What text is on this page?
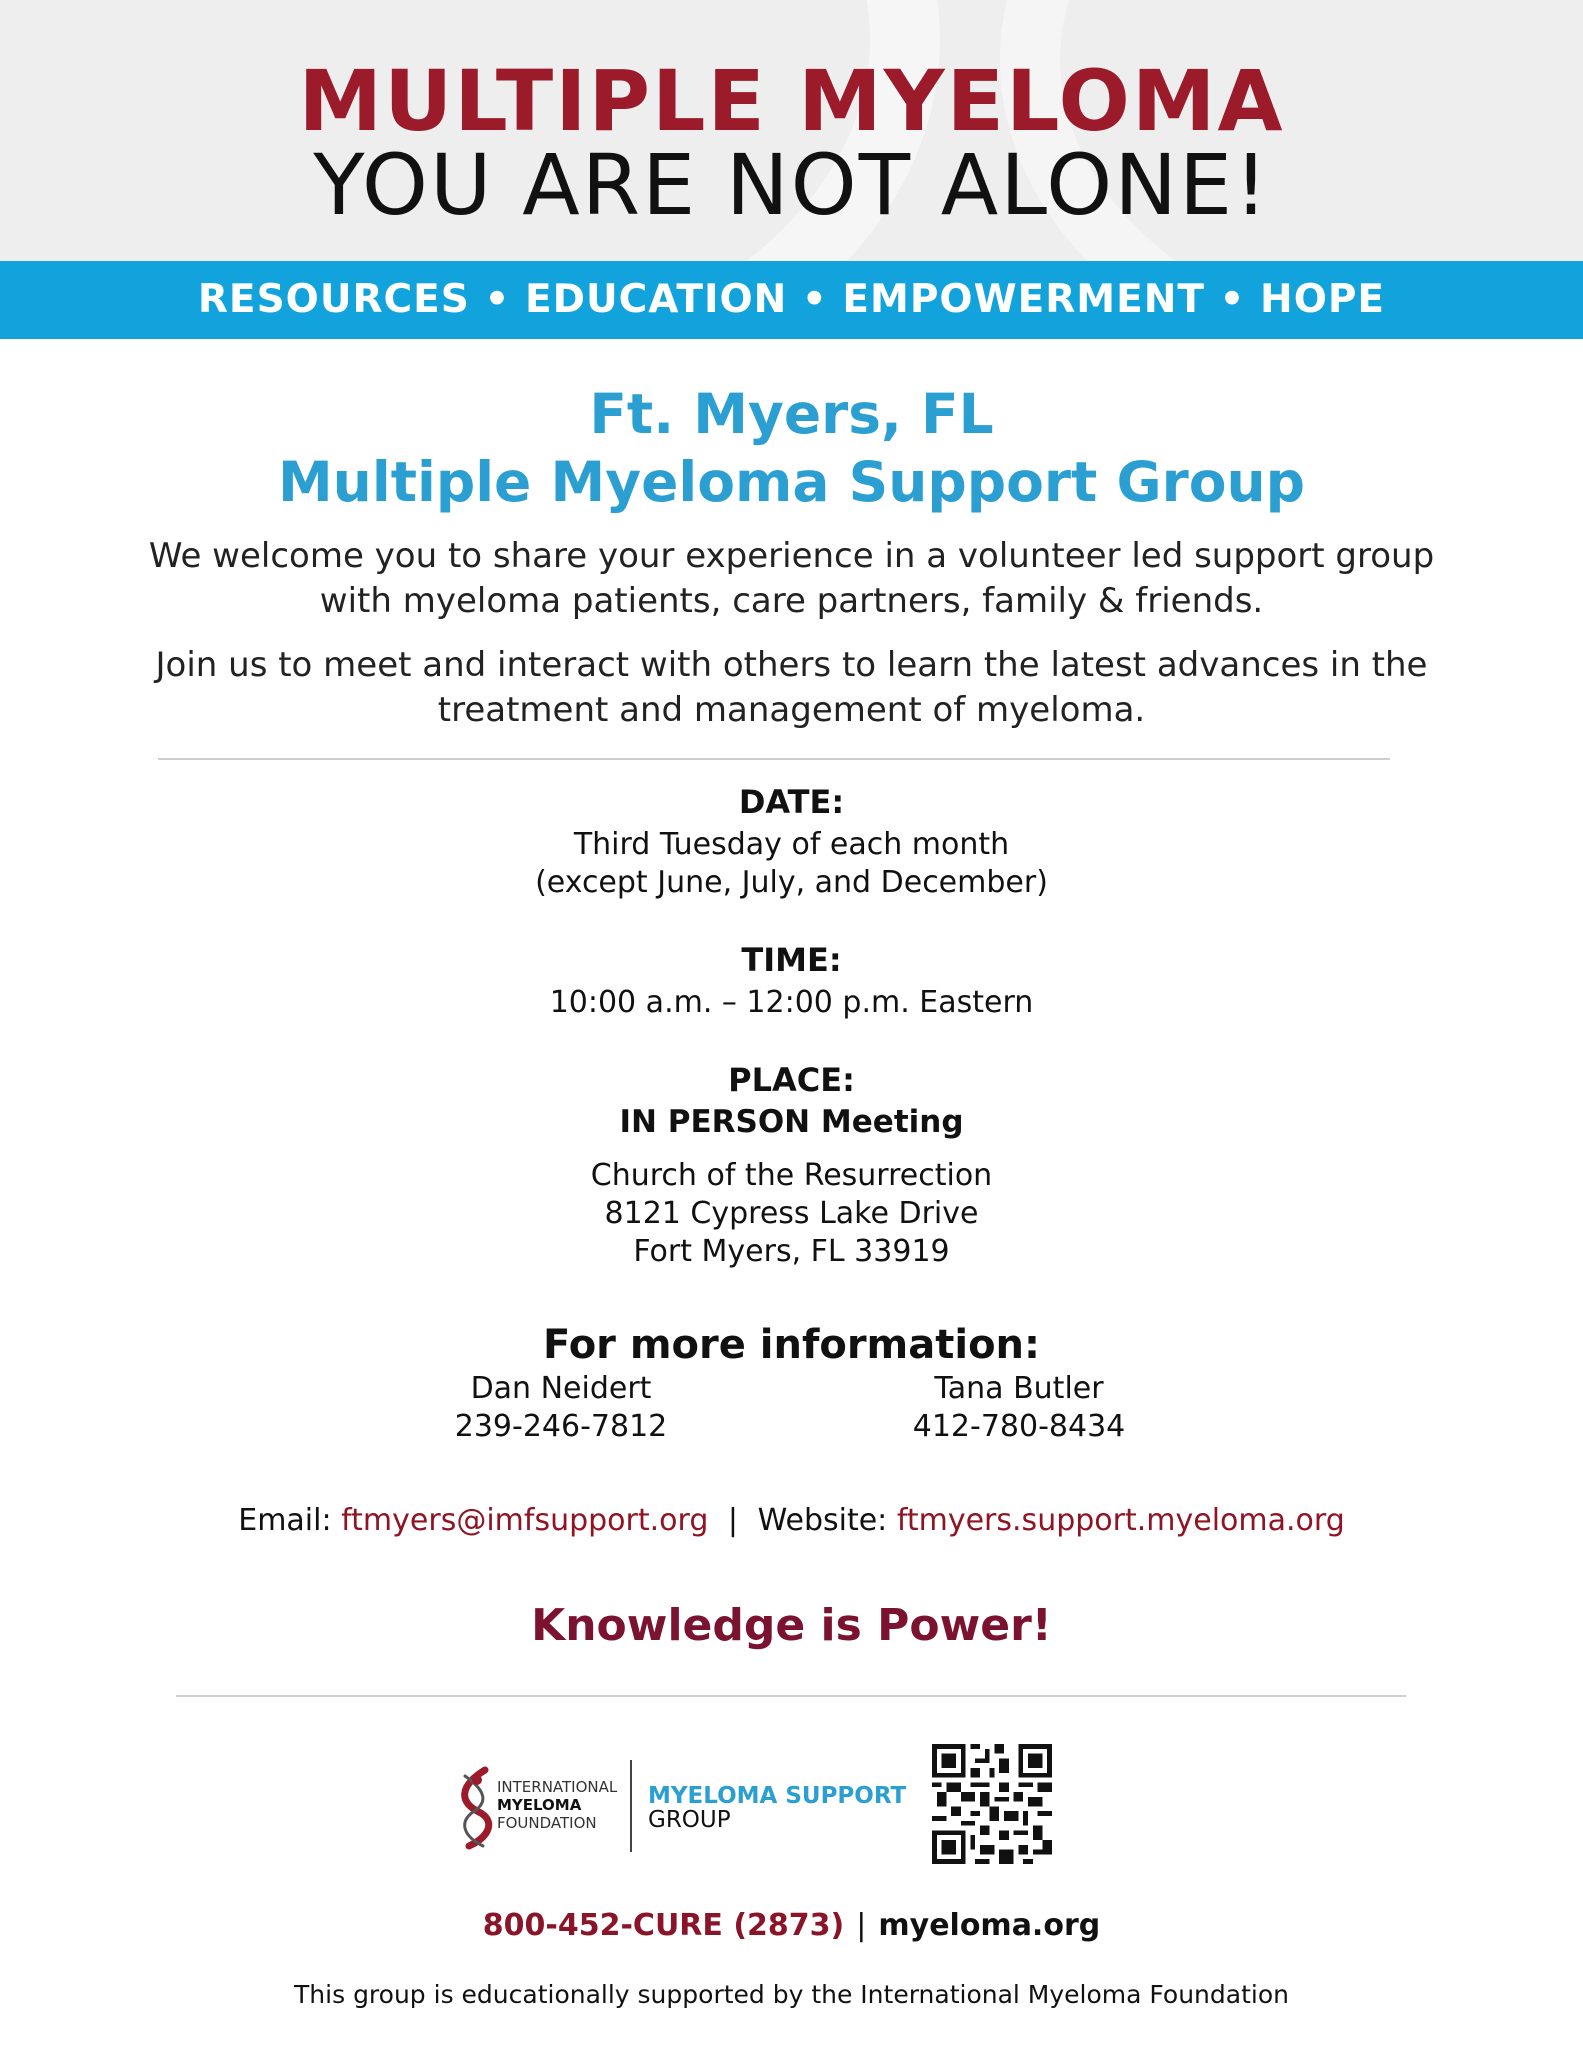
MULTIPLE MYELOMA
YOU ARE NOT ALONE!
RESOURCES • EDUCATION • EMPOWERMENT • HOPE
Ft. Myers, FL
Multiple Myeloma Support Group
We welcome you to share your experience in a volunteer led support group
with myeloma patients, care partners, family & friends.
Join us to meet and interact with others to learn the latest advances in the
treatment and management of myeloma.
DATE:
Third Tuesday of each month
(except June, July, and December)
TIME:
10:00 a.m. – 12:00 p.m. Eastern
PLACE:
IN PERSON Meeting
Church of the Resurrection
8121 Cypress Lake Drive
Fort Myers, FL 33919
For more information:
Dan Neidert
239-246-7812
Tana Butler
412-780-8434
Email: ftmyers@imfsupport.org | Website: ftmyers.support.myeloma.org
Knowledge is Power!
INTERNATIONAL
MYELOMA
FOUNDATION
MYELOMA SUPPORT
GROUP
800-452-CURE (2873) | myeloma.org
This group is educationally supported by the International Myeloma Foundation
